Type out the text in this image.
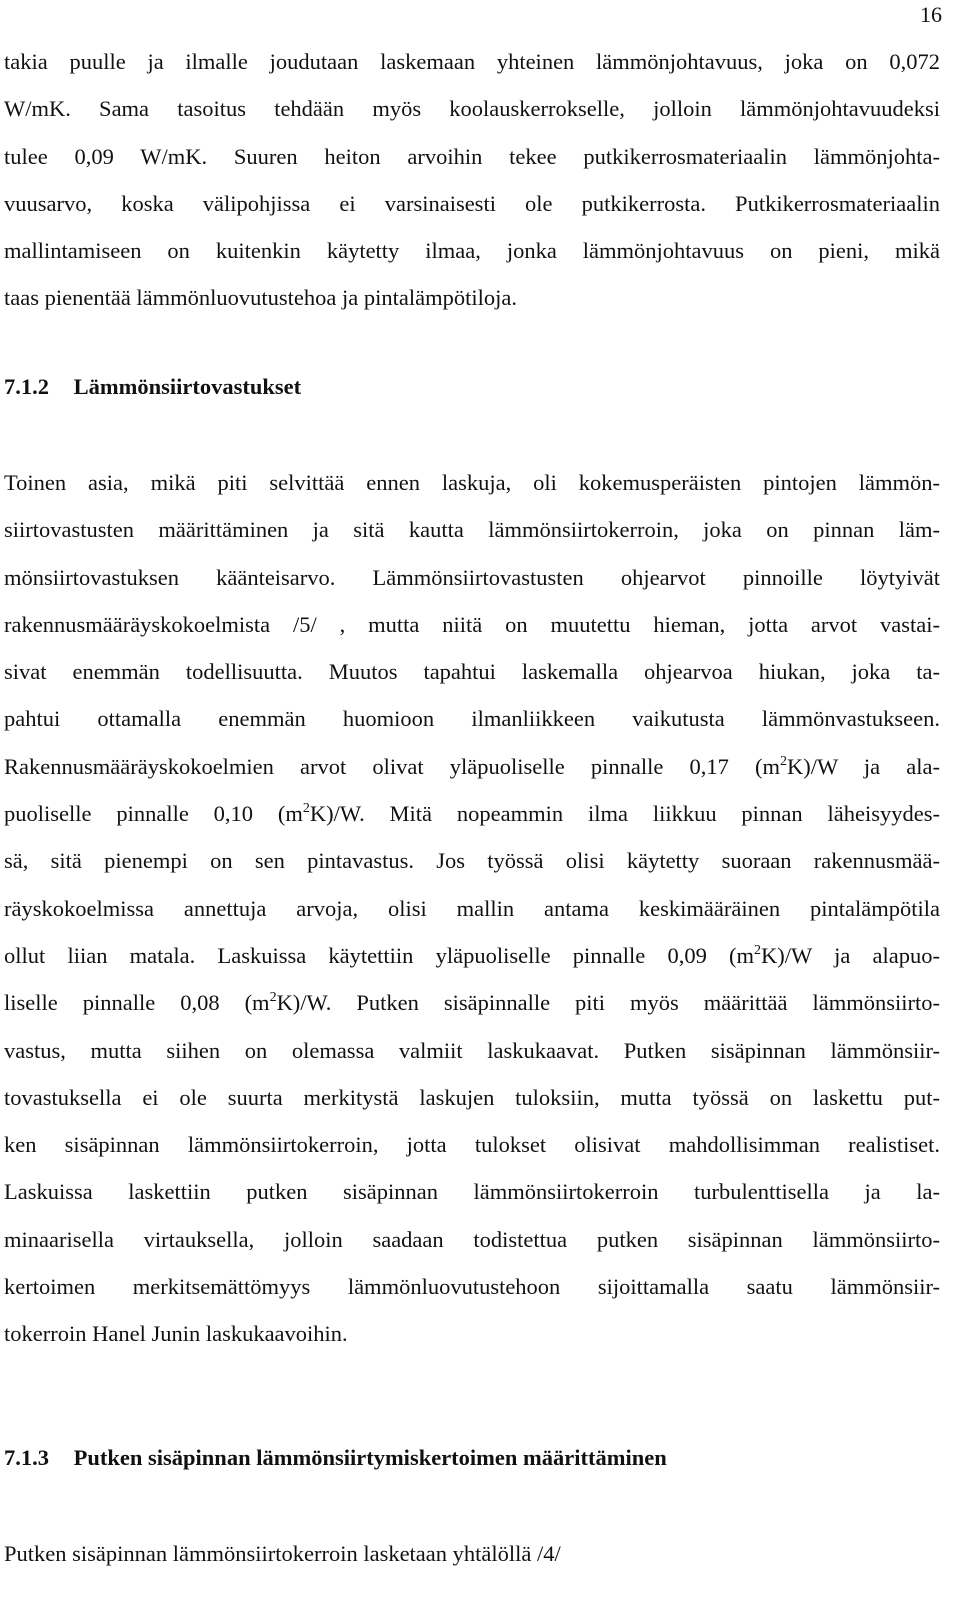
16
takia puulle ja ilmalle joudutaan laskemaan yhteinen lämmönjohtavuus, joka on 0,072
W/mK. Sama tasoitus tehdään myös koolauskerrokselle, jolloin lämmönjohtavuudeksi
tulee 0,09 W/mK. Suuren heiton arvoihin tekee putkikerrosmateriaalin lämmönjohta-
vuusarvo, koska välipohjissa ei varsinaisesti ole putkikerrosta. Putkikerrosmateriaalin
mallintamiseen on kuitenkin käytetty ilmaa, jonka lämmönjohtavuus on pieni, mikä
taas pienentää lämmönluovutustehoa ja pintalämpötiloja.
7.1.2 Lämmönsiirtovastukset
Toinen asia, mikä piti selvittää ennen laskuja, oli kokemusperäisten pintojen lämmön-
siirtovastusten määrittäminen ja sitä kautta lämmönsiirtokerroin, joka on pinnan läm-
mönsiirtovastuksen käänteisarvo. Lämmönsiirtovastusten ohjearvot pinnoille löytyivät
rakennusmääräyskokoelmista /5/ , mutta niitä on muutettu hieman, jotta arvot vastai-
sivat enemmän todellisuutta. Muutos tapahtui laskemalla ohjearvoa hiukan, joka ta-
pahtui ottamalla enemmän huomioon ilmanliikkeen vaikutusta lämmönvastukseen.
Rakennusmääräyskokoelmien arvot olivat yläpuoliselle pinnalle 0,17 $(m^2K)/W$ ja ala-
puoliselle pinnalle 0,10 $(m^2K)/W$. Mitä nopeammin ilma liikkuu pinnan läheisyydes-
sä, sitä pienempi on sen pintavastus. Jos työssä olisi käytetty suoraan rakennusmää-
räyskokoelmissa annettuja arvoja, olisi mallin antama keskimääräinen pintalämpötila
ollut liian matala. Laskuissa käytettiin yläpuoliselle pinnalle 0,09 $(m^2K)/W$ ja alapuo-
liselle pinnalle 0,08 $(m^2K)/W$. Putken sisäpinnalle piti myös määrittää lämmönsiirto-
vastus, mutta siihen on olemassa valmiit laskukaavat. Putken sisäpinnan lämmönsiir-
tovastuksella ei ole suurta merkitystä laskujen tuloksiin, mutta työssä on laskettu put-
ken sisäpinnan lämmönsiirtokerroin, jotta tulokset olisivat mahdollisimman realistiset.
Laskuissa laskettiin putken sisäpinnan lämmönsiirtokerroin turbulenttisella ja la-
minaarisella virtauksella, jolloin saadaan todistettua putken sisäpinnan lämmönsiirto-
kertoimen merkitsemättömyys lämmönluovutustehoon sijoittamalla saatu lämmönsiir-
tokerroin Hanel Junin laskukaavoihin.
7.1.3 Putken sisäpinnan lämmönsiirtymiskertoimen määrittäminen
Putken sisäpinnan lämmönsiirtokerroin lasketaan yhtälöllä /4/
